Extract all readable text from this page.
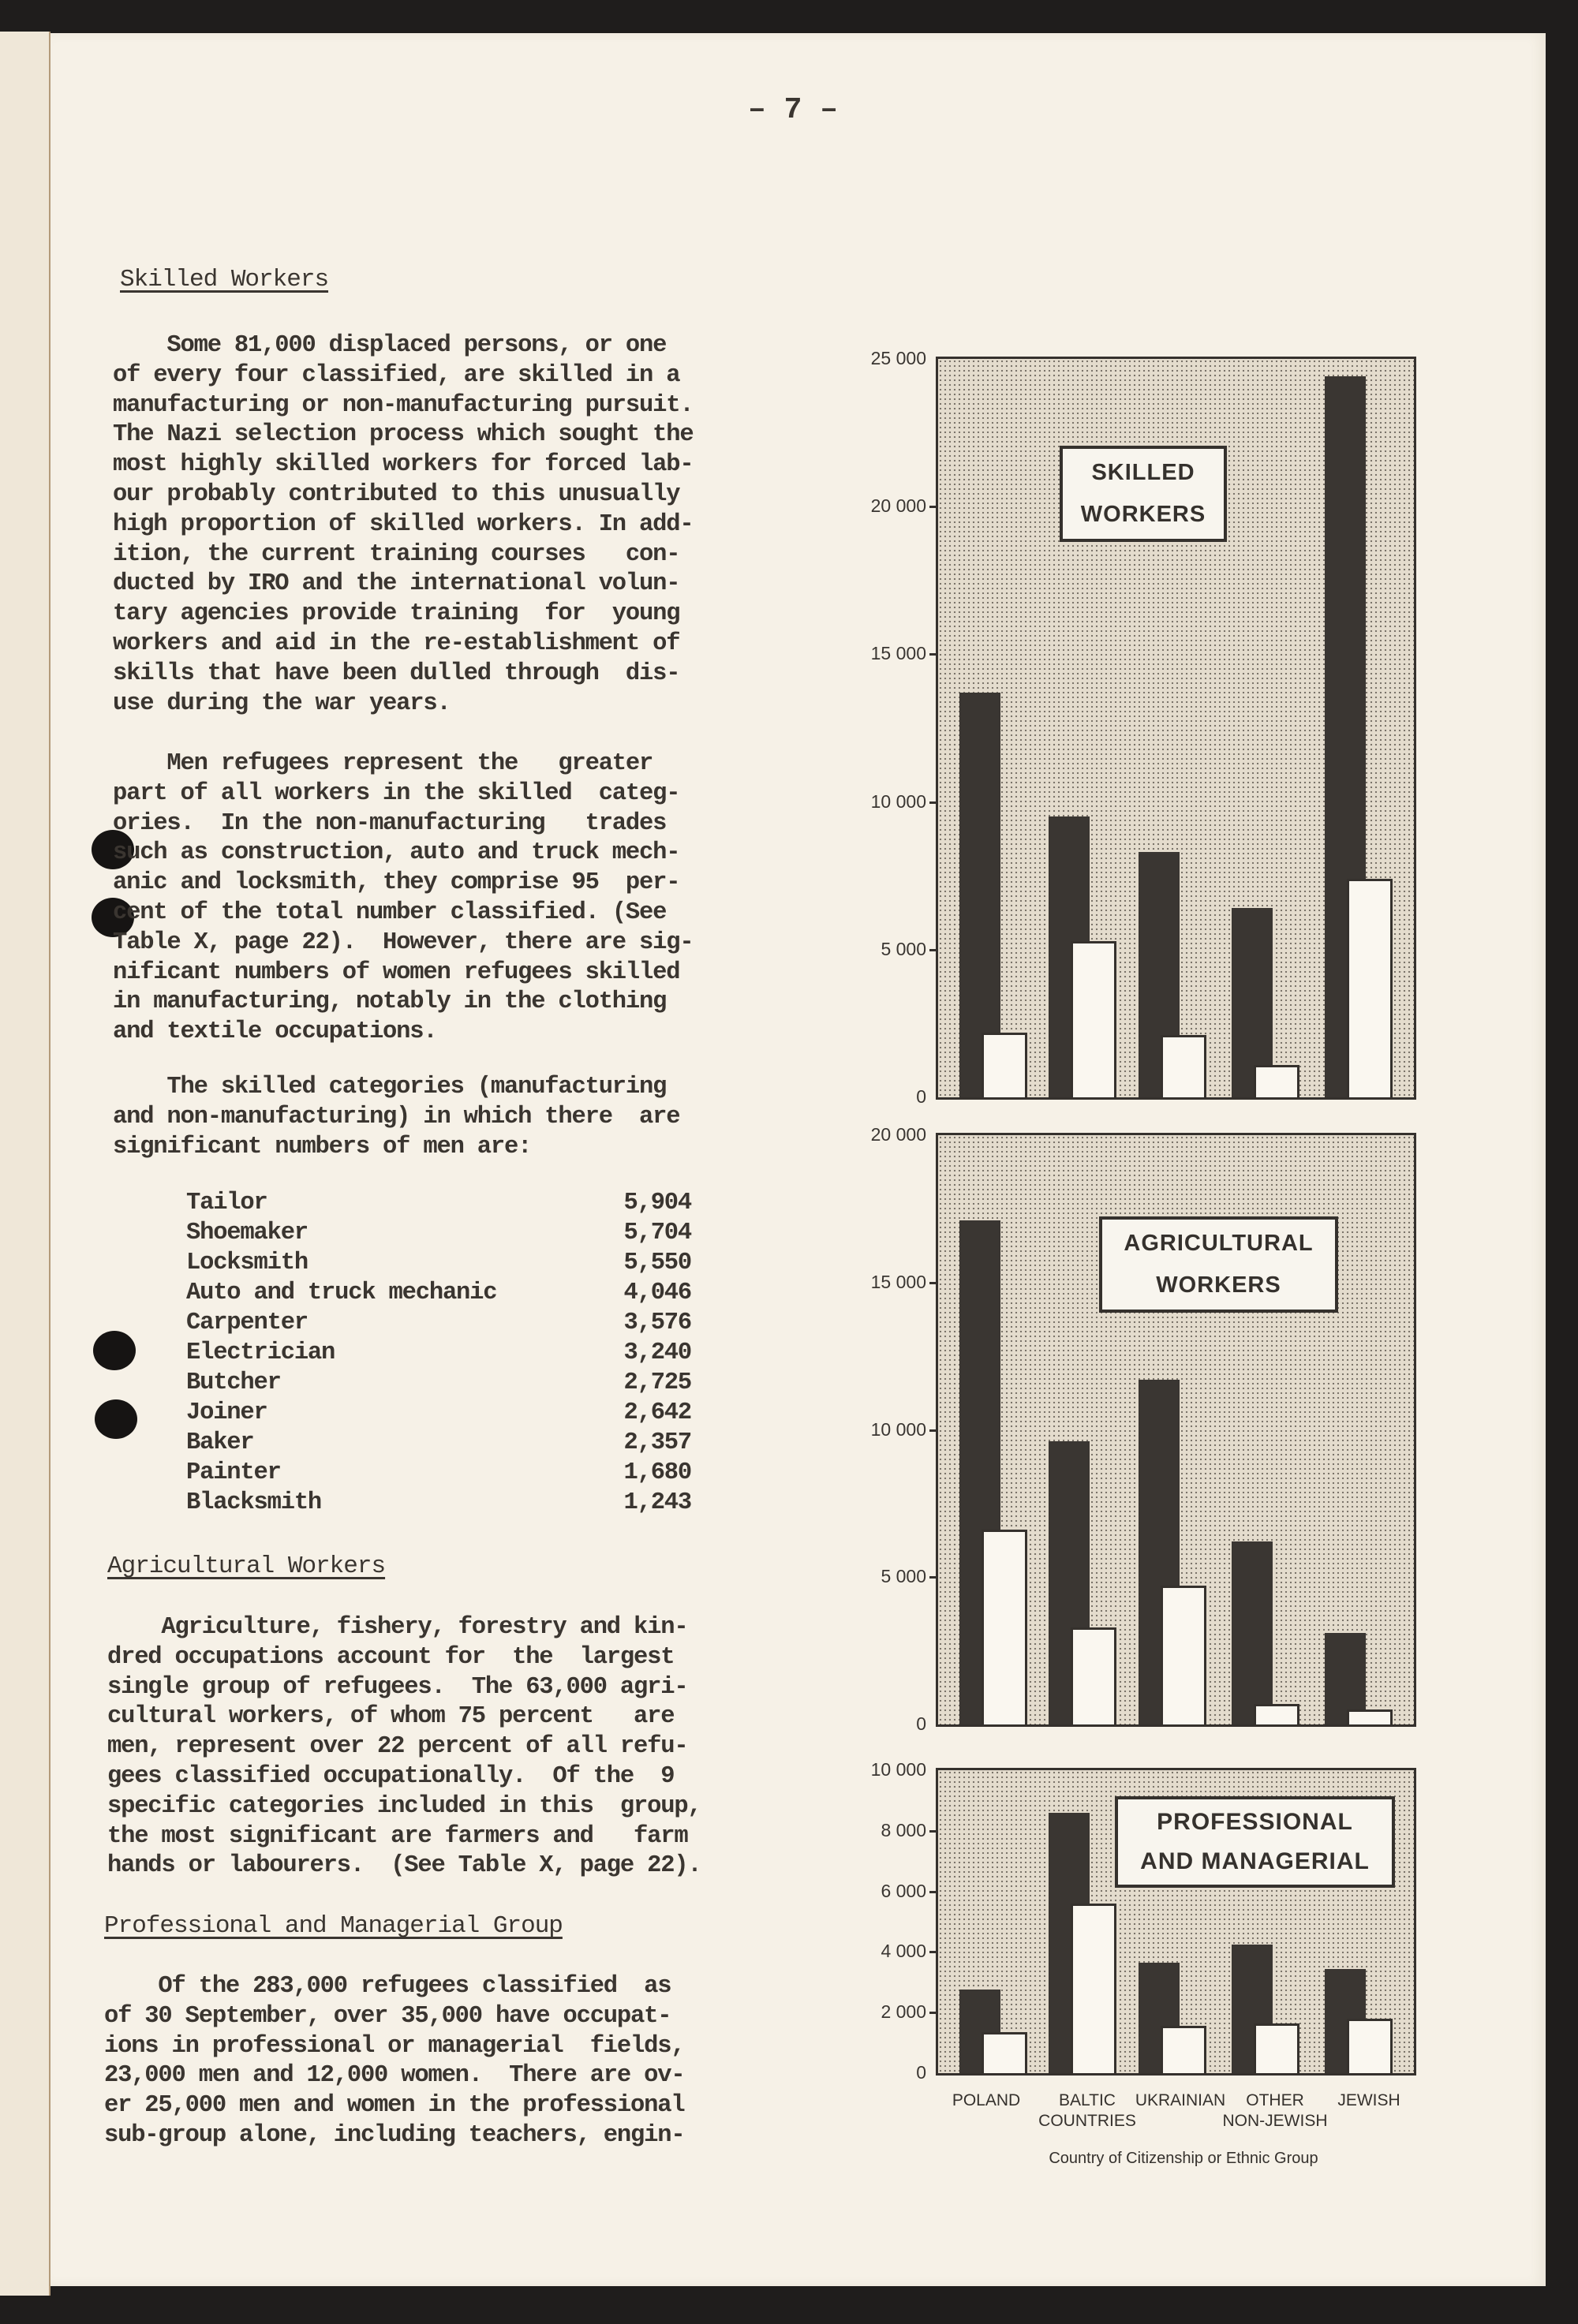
– 7 –
Skilled Workers
Some 81,000 displaced persons, or one
of every four classified, are skilled in a
manufacturing or non-manufacturing pursuit.
The Nazi selection process which sought the
most highly skilled workers for forced lab-
our probably contributed to this unusually
high proportion of skilled workers. In add-
ition, the current training courses   con-
ducted by IRO and the international volun-
tary agencies provide training  for  young
workers and aid in the re-establishment of
skills that have been dulled through  dis-
use during the war years.
Men refugees represent the   greater
part of all workers in the skilled  categ-
ories.  In the non-manufacturing   trades
such as construction, auto and truck mech-
anic and locksmith, they comprise 95  per-
cent of the total number classified. (See
Table X, page 22).  However, there are sig-
nificant numbers of women refugees skilled
in manufacturing, notably in the clothing
and textile occupations.
The skilled categories (manufacturing
and non-manufacturing) in which there  are
significant numbers of men are:
Tailor	5,904
Shoemaker	5,704
Locksmith	5,550
Auto and truck mechanic	4,046
Carpenter	3,576
Electrician	3,240
Butcher	2,725
Joiner	2,642
Baker	2,357
Painter	1,680
Blacksmith	1,243
Agricultural Workers
Agriculture, fishery, forestry and kin-
dred occupations account for  the  largest
single group of refugees.  The 63,000 agri-
cultural workers, of whom 75 percent   are
men, represent over 22 percent of all refu-
gees classified occupationally.  Of the  9
specific categories included in this  group,
the most significant are farmers and   farm
hands or labourers.  (See Table X, page 22).
Professional and Managerial Group
Of the 283,000 refugees classified  as
of 30 September, over 35,000 have occupat-
ions in professional or managerial  fields,
23,000 men and 12,000 women.  There are ov-
er 25,000 men and women in the professional
sub-group alone, including teachers, engin-
0
5 000
10 000
15 000
20 000
25 000
0
5 000
10 000
15 000
20 000
0
2 000
4 000
6 000
8 000
10 000
POLAND
	BALTIC
COUNTRIES
UKRAINIAN
	OTHER
NON-JEWISH
JEWISH

Country of Citizenship or Ethnic Group
SKILLED
WORKERS
AGRICULTURAL
WORKERS
PROFESSIONAL
AND MANAGERIAL
